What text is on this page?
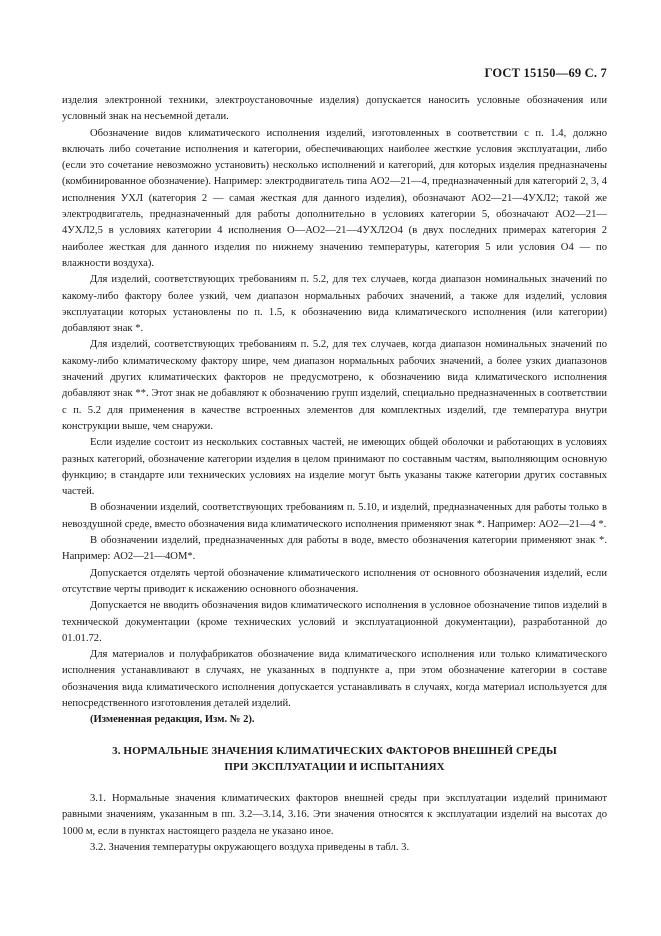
ГОСТ 15150—69 С. 7

изделия электронной техники, электроустановочные изделия) допускается наносить условные обозначения или условный знак на несъемной детали.

Обозначение видов климатического исполнения изделий, изготовленных в соответствии с п. 1.4, должно включать либо сочетание исполнения и категории, обеспечивающих наиболее жесткие условия эксплуатации, либо (если это сочетание невозможно установить) несколько исполнений и категорий, для которых изделия предназначены (комбинированное обозначение). Например: электродвигатель типа АО2—21—4, предназначенный для категорий 2, 3, 4 исполнения УХЛ (категория 2 — самая жесткая для данного изделия), обозначают АО2—21—4УХЛ2; такой же электродвигатель, предназначенный для работы дополнительно в условиях категории 5, обозначают АО2—21—4УХЛ2,5 в условиях категории 4 исполнения О—АО2—21—4УХЛ2О4 (в двух последних примерах категория 2 наиболее жесткая для данного изделия по нижнему значению температуры, категория 5 или условия О4 — по влажности воздуха).

Для изделий, соответствующих требованиям п. 5.2, для тех случаев, когда диапазон номинальных значений по какому-либо фактору более узкий, чем диапазон нормальных рабочих значений, а также для изделий, условия эксплуатации которых установлены по п. 1.5, к обозначению вида климатического исполнения (или категории) добавляют знак *.

Для изделий, соответствующих требованиям п. 5.2, для тех случаев, когда диапазон номинальных значений по какому-либо климатическому фактору шире, чем диапазон нормальных рабочих значений, а более узких диапазонов значений других климатических факторов не предусмотрено, к обозначению вида климатического исполнения добавляют знак **. Этот знак не добавляют к обозначению групп изделий, специально предназначенных в соответствии с п. 5.2 для применения в качестве встроенных элементов для комплектных изделий, где температура внутри конструкции выше, чем снаружи.

Если изделие состоит из нескольких составных частей, не имеющих общей оболочки и работающих в условиях разных категорий, обозначение категории изделия в целом принимают по составным частям, выполняющим основную функцию; в стандарте или технических условиях на изделие могут быть указаны также категории других составных частей.

В обозначении изделий, соответствующих требованиям п. 5.10, и изделий, предназначенных для работы только в невоздушной среде, вместо обозначения вида климатического исполнения применяют знак *. Например: АО2—21—4 *.

В обозначении изделий, предназначенных для работы в воде, вместо обозначения категории применяют знак *. Например: АО2—21—4ОМ*.

Допускается отделять чертой обозначение климатического исполнения от основного обозначения изделий, если отсутствие черты приводит к искажению основного обозначения.

Допускается не вводить обозначения видов климатического исполнения в условное обозначение типов изделий в технической документации (кроме технических условий и эксплуатационной документации), разработанной до 01.01.72.

Для материалов и полуфабрикатов обозначение вида климатического исполнения или только климатического исполнения устанавливают в случаях, не указанных в подпункте а, при этом обозначение категории в составе обозначения вида климатического исполнения допускается устанавливать в случаях, когда материал используется для непосредственного изготовления деталей изделий.

(Измененная редакция, Изм. № 2).

3. НОРМАЛЬНЫЕ ЗНАЧЕНИЯ КЛИМАТИЧЕСКИХ ФАКТОРОВ ВНЕШНЕЙ СРЕДЫ
ПРИ ЭКСПЛУАТАЦИИ И ИСПЫТАНИЯХ

3.1. Нормальные значения климатических факторов внешней среды при эксплуатации изделий принимают равными значениям, указанным в пп. 3.2—3.14, 3.16. Эти значения относятся к эксплуатации изделий на высотах до 1000 м, если в пунктах настоящего раздела не указано иное.

3.2. Значения температуры окружающего воздуха приведены в табл. 3.
